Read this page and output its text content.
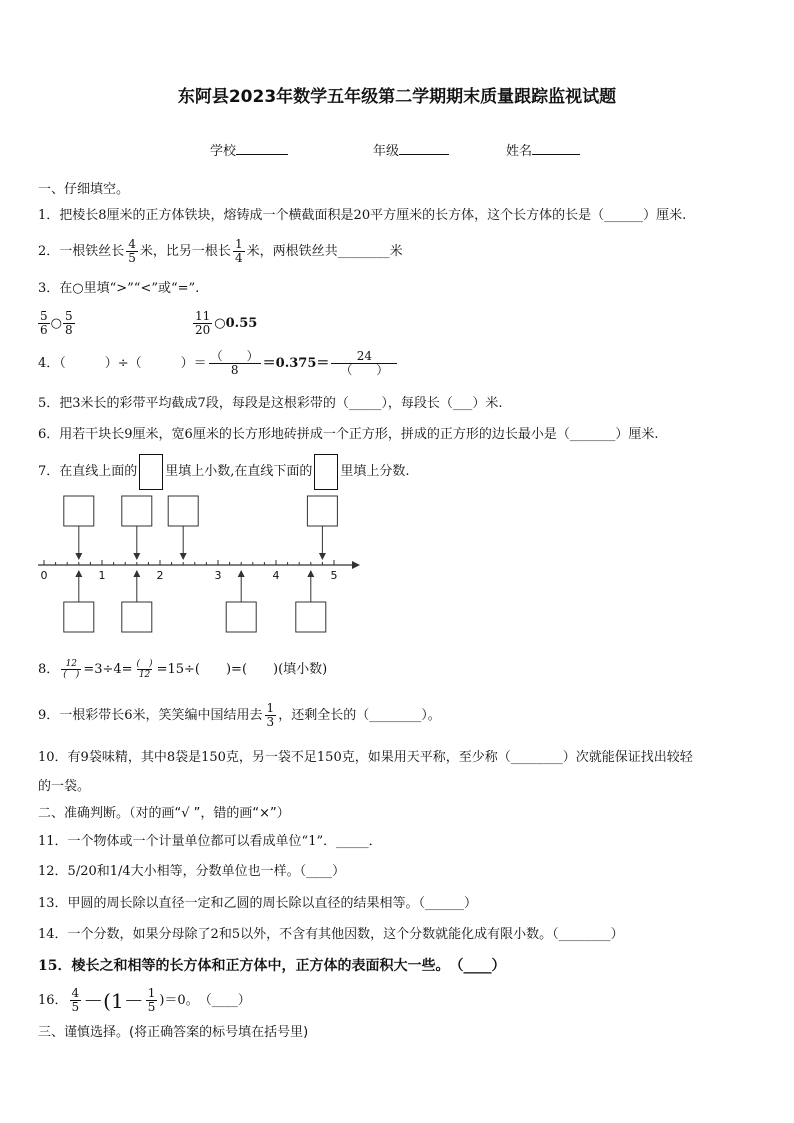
东阿县2023年数学五年级第二学期期末质量跟踪监视试题
学校	年级	姓名
一、仔细填空。
1．把棱长8厘米的正方体铁块，熔铸成一个横截面积是20平方厘米的长方体，这个长方体的长是（______）厘米.
2．一根铁丝长 $\frac{4}{5}$ 米，比另一根长 $\frac{1}{4}$ 米，两根铁丝共________米
3．在○里填“>”“<”或“=”.
$\frac{5}{6}$ ○ $\frac{5}{8}$	$\frac{11}{20}$ ○0.55
4．（　　　）÷（　　　）＝ $\frac{( )}{8} =0.375= \frac{24}{( )}$
5．把3米长的彩带平均截成7段，每段是这根彩带的（_____），每段长（___）米.
6．用若干块长9厘米，宽6厘米的长方形地砖拼成一个正方形，拼成的正方形的边长最小是（_______）厘米.
7．在直线上面的 里填上小数,在直线下面的 里填上分数.
0	1	2	3	4	5
8． $\frac{12}{( )} =3\div 4= \frac{( )}{12} =15\div$(　　)=(　　)(填小数)
9．一根彩带长6米，笑笑编中国结用去 $\frac{1}{3}$ ，还剩全长的（________）。
10．有9袋味精，其中8袋是150克，另一袋不足150克，如果用天平称，至少称（________）次就能保证找出较轻
的一袋。
二、准确判断。（对的画“√ ”，错的画“×”）
11．一个物体或一个计量单位都可以看成单位“1”．_____．
12．5/20和1/4大小相等，分数单位也一样。（____）
13．甲圆的周长除以直径一定和乙圆的周长除以直径的结果相等。（______）
14．一个分数，如果分母除了2和5以外，不含有其他因数，这个分数就能化成有限小数。（________）
15．棱长之和相等的长方体和正方体中，正方体的表面积大一些。　（____）
16． $\frac{4}{5} -(1- \frac{1}{5} )=0$。　（____）
三、谨慎选择。(将正确答案的标号填在括号里)
